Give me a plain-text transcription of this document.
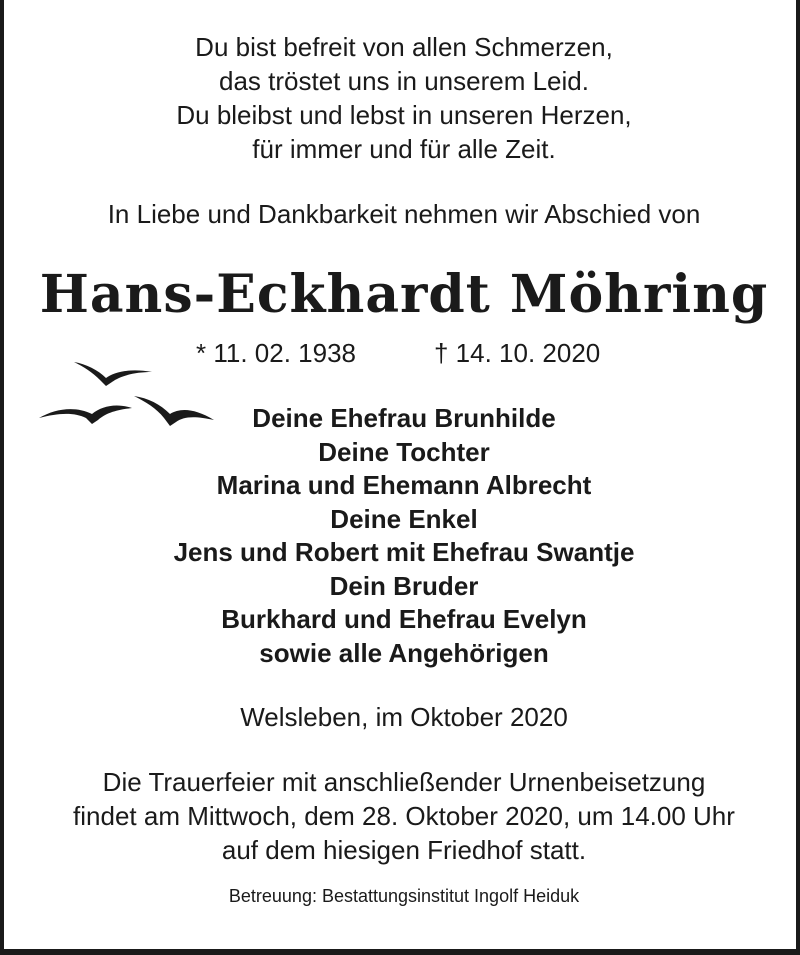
Du bist befreit von allen Schmerzen,
das tröstet uns in unserem Leid.
Du bleibst und lebst in unseren Herzen,
für immer und für alle Zeit.
In Liebe und Dankbarkeit nehmen wir Abschied von
Hans-Eckhardt Möhring
* 11. 02. 1938	† 14. 10. 2020
Deine Ehefrau Brunhilde
Deine Tochter
Marina und Ehemann Albrecht
Deine Enkel
Jens und Robert mit Ehefrau Swantje
Dein Bruder
Burkhard und Ehefrau Evelyn
sowie alle Angehörigen
Welsleben, im Oktober 2020
Die Trauerfeier mit anschließender Urnenbeisetzung
findet am Mittwoch, dem 28. Oktober 2020, um 14.00 Uhr
auf dem hiesigen Friedhof statt.
Betreuung: Bestattungsinstitut Ingolf Heiduk
